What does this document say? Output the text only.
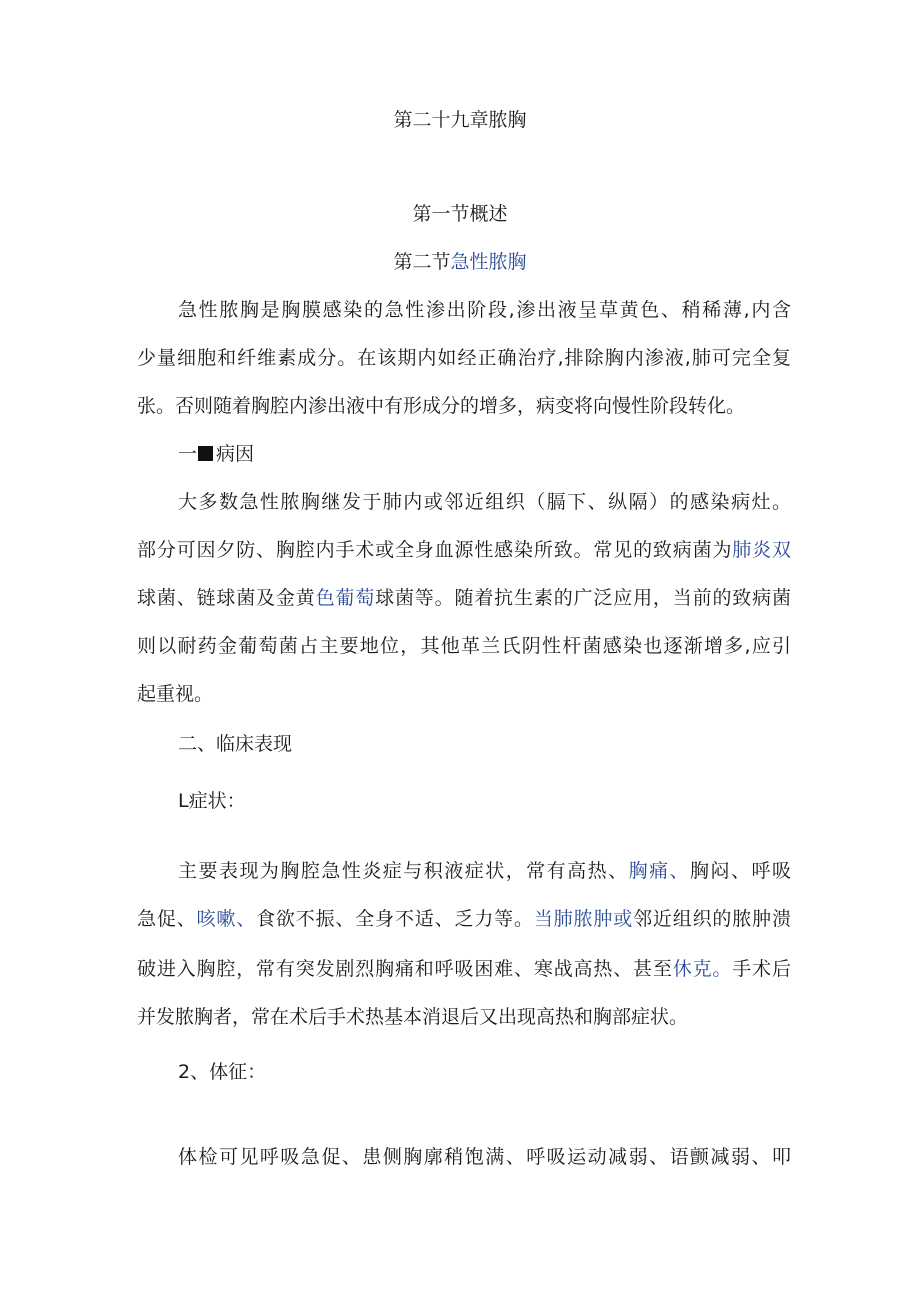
第二十九章脓胸
第一节概述
第二节急性脓胸
急性脓胸是胸膜感染的急性渗出阶段,渗出液呈草黄色、稍稀薄,内含
少量细胞和纤维素成分。在该期内如经正确治疗,排除胸内渗液,肺可完全复
张。否则随着胸腔内渗出液中有形成分的增多，病变将向慢性阶段转化。
一 病因
大多数急性脓胸继发于肺内或邻近组织（膈下、纵隔）的感染病灶。
部分可因夕防、胸腔内手术或全身血源性感染所致。常见的致病菌为肺炎双
球菌、链球菌及金黄色葡萄球菌等。随着抗生素的广泛应用，当前的致病菌
则以耐药金葡萄菌占主要地位，其他革兰氏阴性杆菌感染也逐渐增多,应引
起重视。
二、临床表现
L症状：
主要表现为胸腔急性炎症与积液症状，常有高热、胸痛、胸闷、呼吸
急促、咳嗽、食欲不振、全身不适、乏力等。当肺脓肿或邻近组织的脓肿溃
破进入胸腔，常有突发剧烈胸痛和呼吸困难、寒战高热、甚至休克。手术后
并发脓胸者，常在术后手术热基本消退后又出现高热和胸部症状。
2、体征：
体检可见呼吸急促、患侧胸廓稍饱满、呼吸运动减弱、语颤减弱、叩
